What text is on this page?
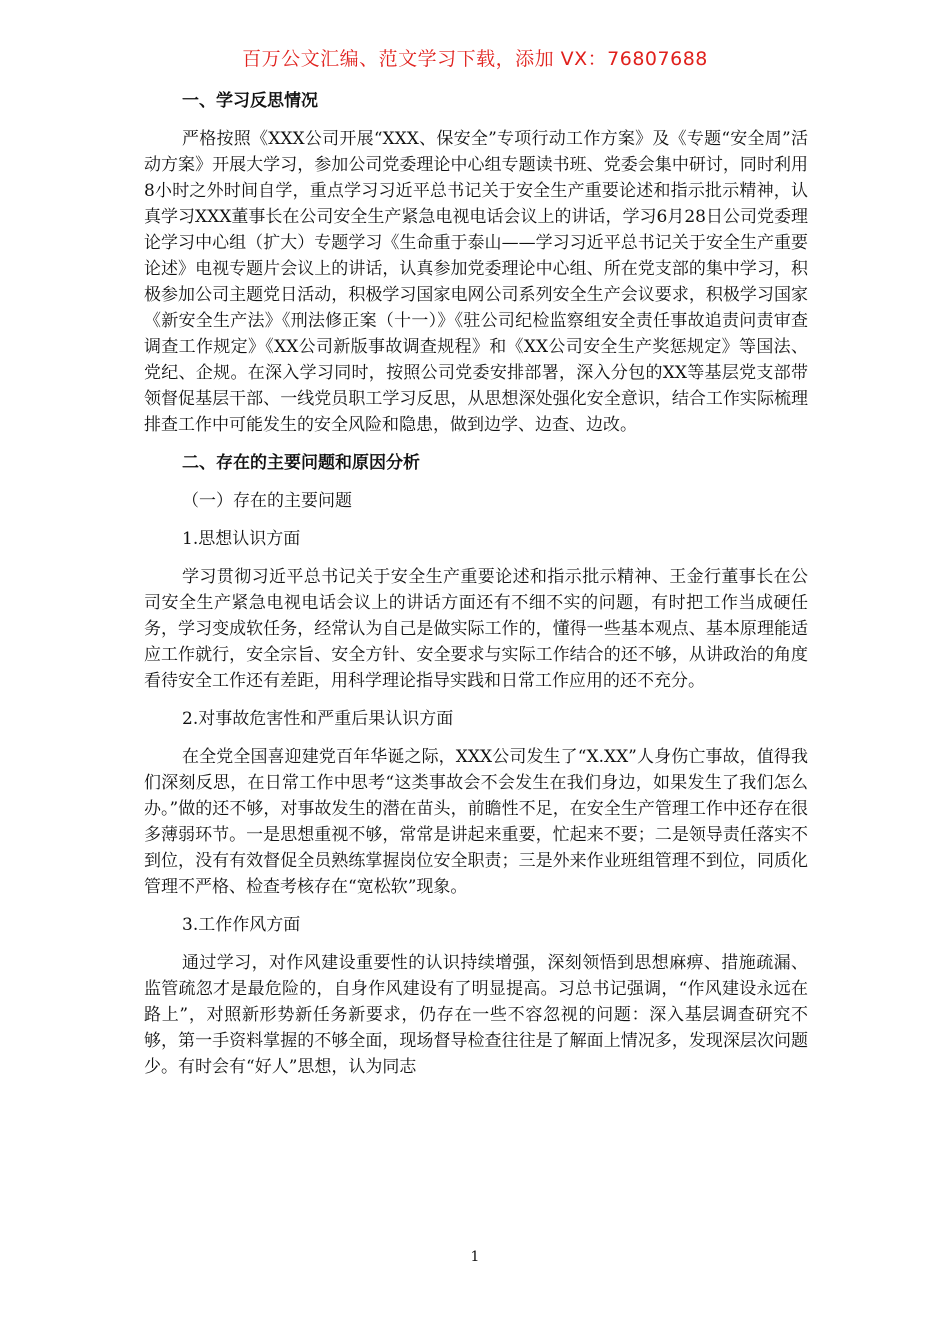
百万公文汇编、范文学习下载，添加 VX：76807688

一、学习反思情况

严格按照《XXX公司开展“XXX、保安全”专项行动工作方案》及《专题“安全周”活动方案》开展大学习，参加公司党委理论中心组专题读书班、党委会集中研讨，同时利用8小时之外时间自学，重点学习习近平总书记关于安全生产重要论述和指示批示精神，认真学习XXX董事长在公司安全生产紧急电视电话会议上的讲话，学习6月28日公司党委理论学习中心组（扩大）专题学习《生命重于泰山——学习习近平总书记关于安全生产重要论述》电视专题片会议上的讲话，认真参加党委理论中心组、所在党支部的集中学习，积极参加公司主题党日活动，积极学习国家电网公司系列安全生产会议要求，积极学习国家《新安全生产法》《刑法修正案（十一）》《驻公司纪检监察组安全责任事故追责问责审查调查工作规定》《XX公司新版事故调查规程》和《XX公司安全生产奖惩规定》等国法、党纪、企规。在深入学习同时，按照公司党委安排部署，深入分包的XX等基层党支部带领督促基层干部、一线党员职工学习反思，从思想深处强化安全意识，结合工作实际梳理排查工作中可能发生的安全风险和隐患，做到边学、边查、边改。

二、存在的主要问题和原因分析

（一）存在的主要问题

1.思想认识方面

学习贯彻习近平总书记关于安全生产重要论述和指示批示精神、王金行董事长在公司安全生产紧急电视电话会议上的讲话方面还有不细不实的问题，有时把工作当成硬任务，学习变成软任务，经常认为自己是做实际工作的，懂得一些基本观点、基本原理能适应工作就行，安全宗旨、安全方针、安全要求与实际工作结合的还不够，从讲政治的角度看待安全工作还有差距，用科学理论指导实践和日常工作应用的还不充分。

2.对事故危害性和严重后果认识方面

在全党全国喜迎建党百年华诞之际，XXX公司发生了“X.XX”人身伤亡事故，值得我们深刻反思，在日常工作中思考“这类事故会不会发生在我们身边，如果发生了我们怎么办。”做的还不够，对事故发生的潜在苗头，前瞻性不足，在安全生产管理工作中还存在很多薄弱环节。一是思想重视不够，常常是讲起来重要，忙起来不要；二是领导责任落实不到位，没有有效督促全员熟练掌握岗位安全职责；三是外来作业班组管理不到位，同质化管理不严格、检查考核存在“宽松软”现象。

3.工作作风方面

通过学习，对作风建设重要性的认识持续增强，深刻领悟到思想麻痹、措施疏漏、监管疏忽才是最危险的，自身作风建设有了明显提高。习总书记强调，“作风建设永远在路上”，对照新形势新任务新要求，仍存在一些不容忽视的问题：深入基层调查研究不够，第一手资料掌握的不够全面，现场督导检查往往是了解面上情况多，发现深层次问题少。有时会有“好人”思想，认为同志

1
